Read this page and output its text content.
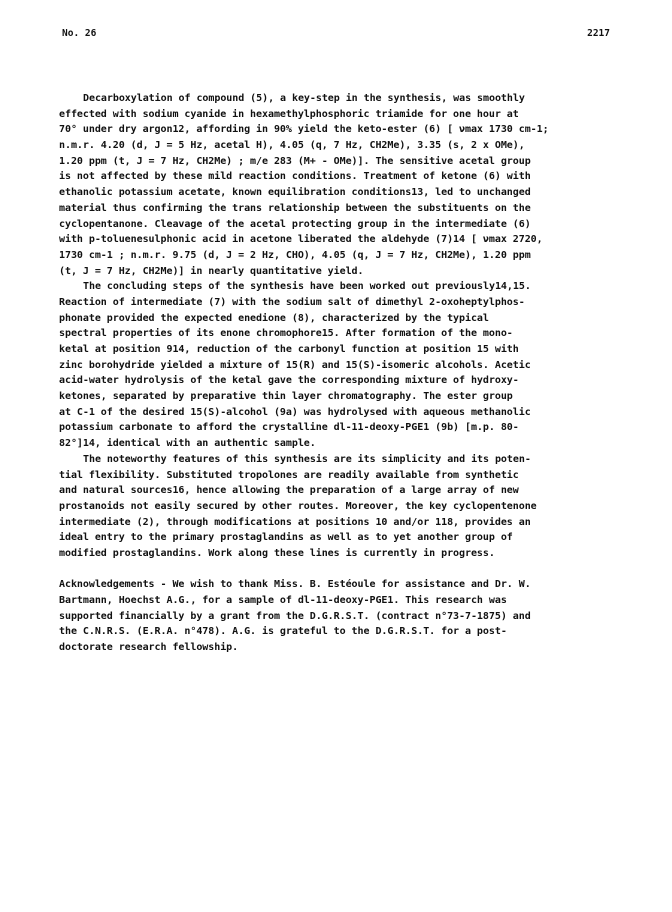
No. 26	2217
Decarboxylation of compound (5), a key-step in the synthesis, was smoothly
effected with sodium cyanide in hexamethylphosphoric triamide for one hour at
70° under dry argon12, affording in 90% yield the keto-ester (6) [ νmax 1730 cm-1;
n.m.r. 4.20 (d, J = 5 Hz, acetal H), 4.05 (q, 7 Hz, CH2Me), 3.35 (s, 2 x OMe),
1.20 ppm (t, J = 7 Hz, CH2Me) ; m/e 283 (M+ - OMe)]. The sensitive acetal group
is not affected by these mild reaction conditions. Treatment of ketone (6) with
ethanolic potassium acetate, known equilibration conditions13, led to unchanged
material thus confirming the trans relationship between the substituents on the
cyclopentanone. Cleavage of the acetal protecting group in the intermediate (6)
with p-toluenesulphonic acid in acetone liberated the aldehyde (7)14 [ νmax 2720,
1730 cm-1 ; n.m.r. 9.75 (d, J = 2 Hz, CHO), 4.05 (q, J = 7 Hz, CH2Me), 1.20 ppm
(t, J = 7 Hz, CH2Me)] in nearly quantitative yield.
The concluding steps of the synthesis have been worked out previously14,15.
Reaction of intermediate (7) with the sodium salt of dimethyl 2-oxoheptylphos-
phonate provided the expected enedione (8), characterized by the typical
spectral properties of its enone chromophore15. After formation of the mono-
ketal at position 914, reduction of the carbonyl function at position 15 with
zinc borohydride yielded a mixture of 15(R) and 15(S)-isomeric alcohols. Acetic
acid-water hydrolysis of the ketal gave the corresponding mixture of hydroxy-
ketones, separated by preparative thin layer chromatography. The ester group
at C-1 of the desired 15(S)-alcohol (9a) was hydrolysed with aqueous methanolic
potassium carbonate to afford the crystalline dl-11-deoxy-PGE1 (9b) [m.p. 80-
82°]14, identical with an authentic sample.
The noteworthy features of this synthesis are its simplicity and its poten-
tial flexibility. Substituted tropolones are readily available from synthetic
and natural sources16, hence allowing the preparation of a large array of new
prostanoids not easily secured by other routes. Moreover, the key cyclopentenone
intermediate (2), through modifications at positions 10 and/or 118, provides an
ideal entry to the primary prostaglandins as well as to yet another group of
modified prostaglandins. Work along these lines is currently in progress.
Acknowledgements - We wish to thank Miss. B. Estéoule for assistance and Dr. W.
Bartmann, Hoechst A.G., for a sample of dl-11-deoxy-PGE1. This research was
supported financially by a grant from the D.G.R.S.T. (contract n°73-7-1875) and
the C.N.R.S. (E.R.A. n°478). A.G. is grateful to the D.G.R.S.T. for a post-
doctorate research fellowship.
